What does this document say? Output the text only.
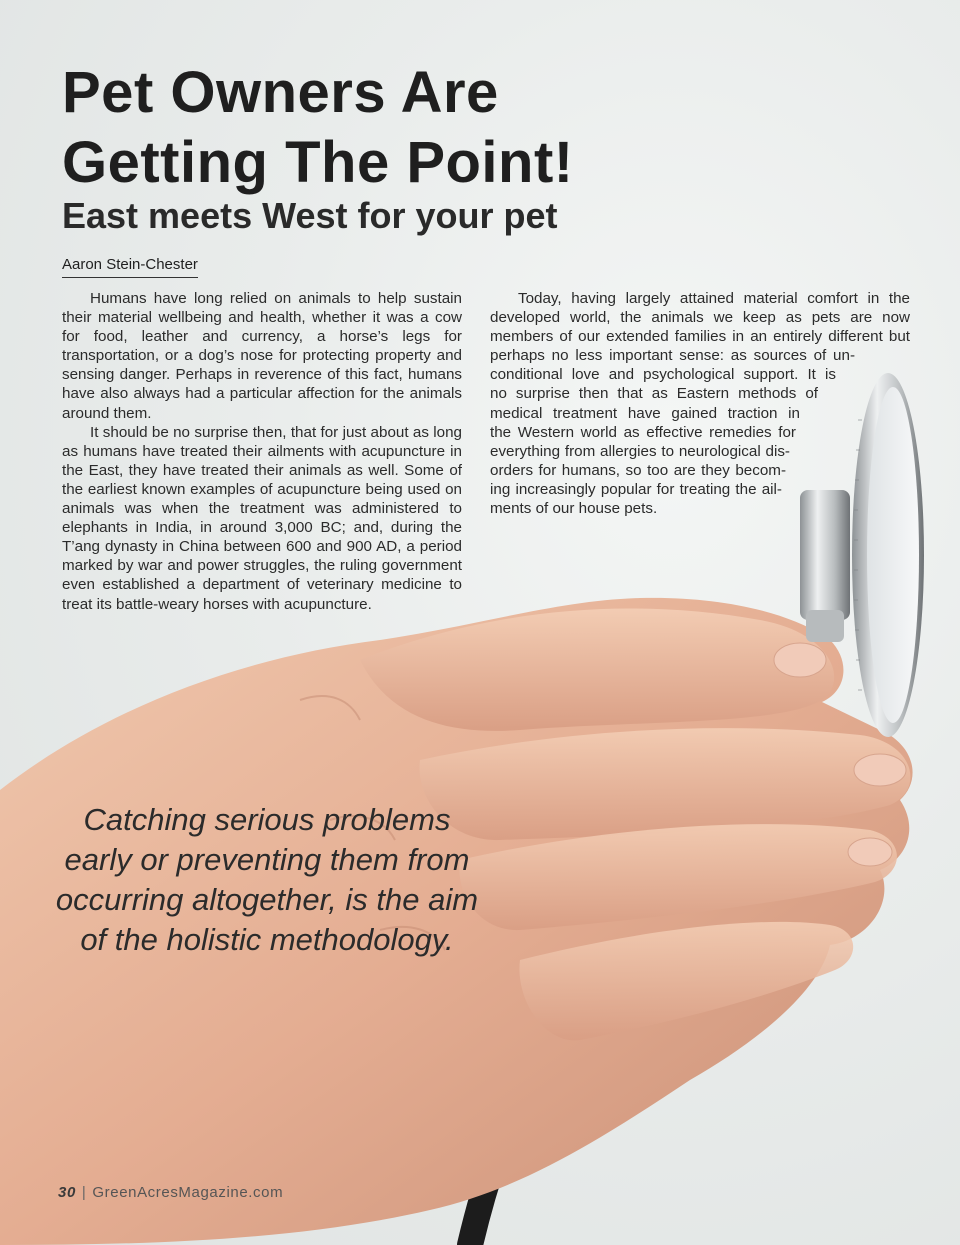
Pet Owners Are
Getting The Point!
East meets West for your pet
Aaron Stein-Chester

Humans have long relied on animals to help sustain their material wellbeing and health, whether it was a cow for food, leather and currency, a horse’s legs for transportation, or a dog’s nose for protecting property and sensing danger. Perhaps in reverence of this fact, humans have also always had a particular affection for the animals around them.

It should be no surprise then, that for just about as long as humans have treated their ailments with acupuncture in the East, they have treated their animals as well. Some of the earliest known examples of acupuncture being used on animals was when the treatment was administered to elephants in India, in around 3,000 BC; and, during the T’ang dynasty in China between 600 and 900 AD, a period marked by war and power struggles, the ruling government even established a department of veterinary medicine to treat its battle-weary horses with acupuncture.

Today, having largely attained material comfort in the
developed world, the animals we keep as pets are now
members of our extended families in an entirely different but
perhaps no less important sense: as sources of un-
conditional love and psychological support. It is
no surprise then that as Eastern methods of
medical treatment have gained traction in
the Western world as effective remedies for
everything from allergies to neurological dis-
orders for humans, so too are they becom-
ing increasingly popular for treating the ail-
ments of our house pets.
Catching serious problems early or preventing them from occurring altogether, is the aim of the holistic methodology.
30 | GreenAcresMagazine.com
